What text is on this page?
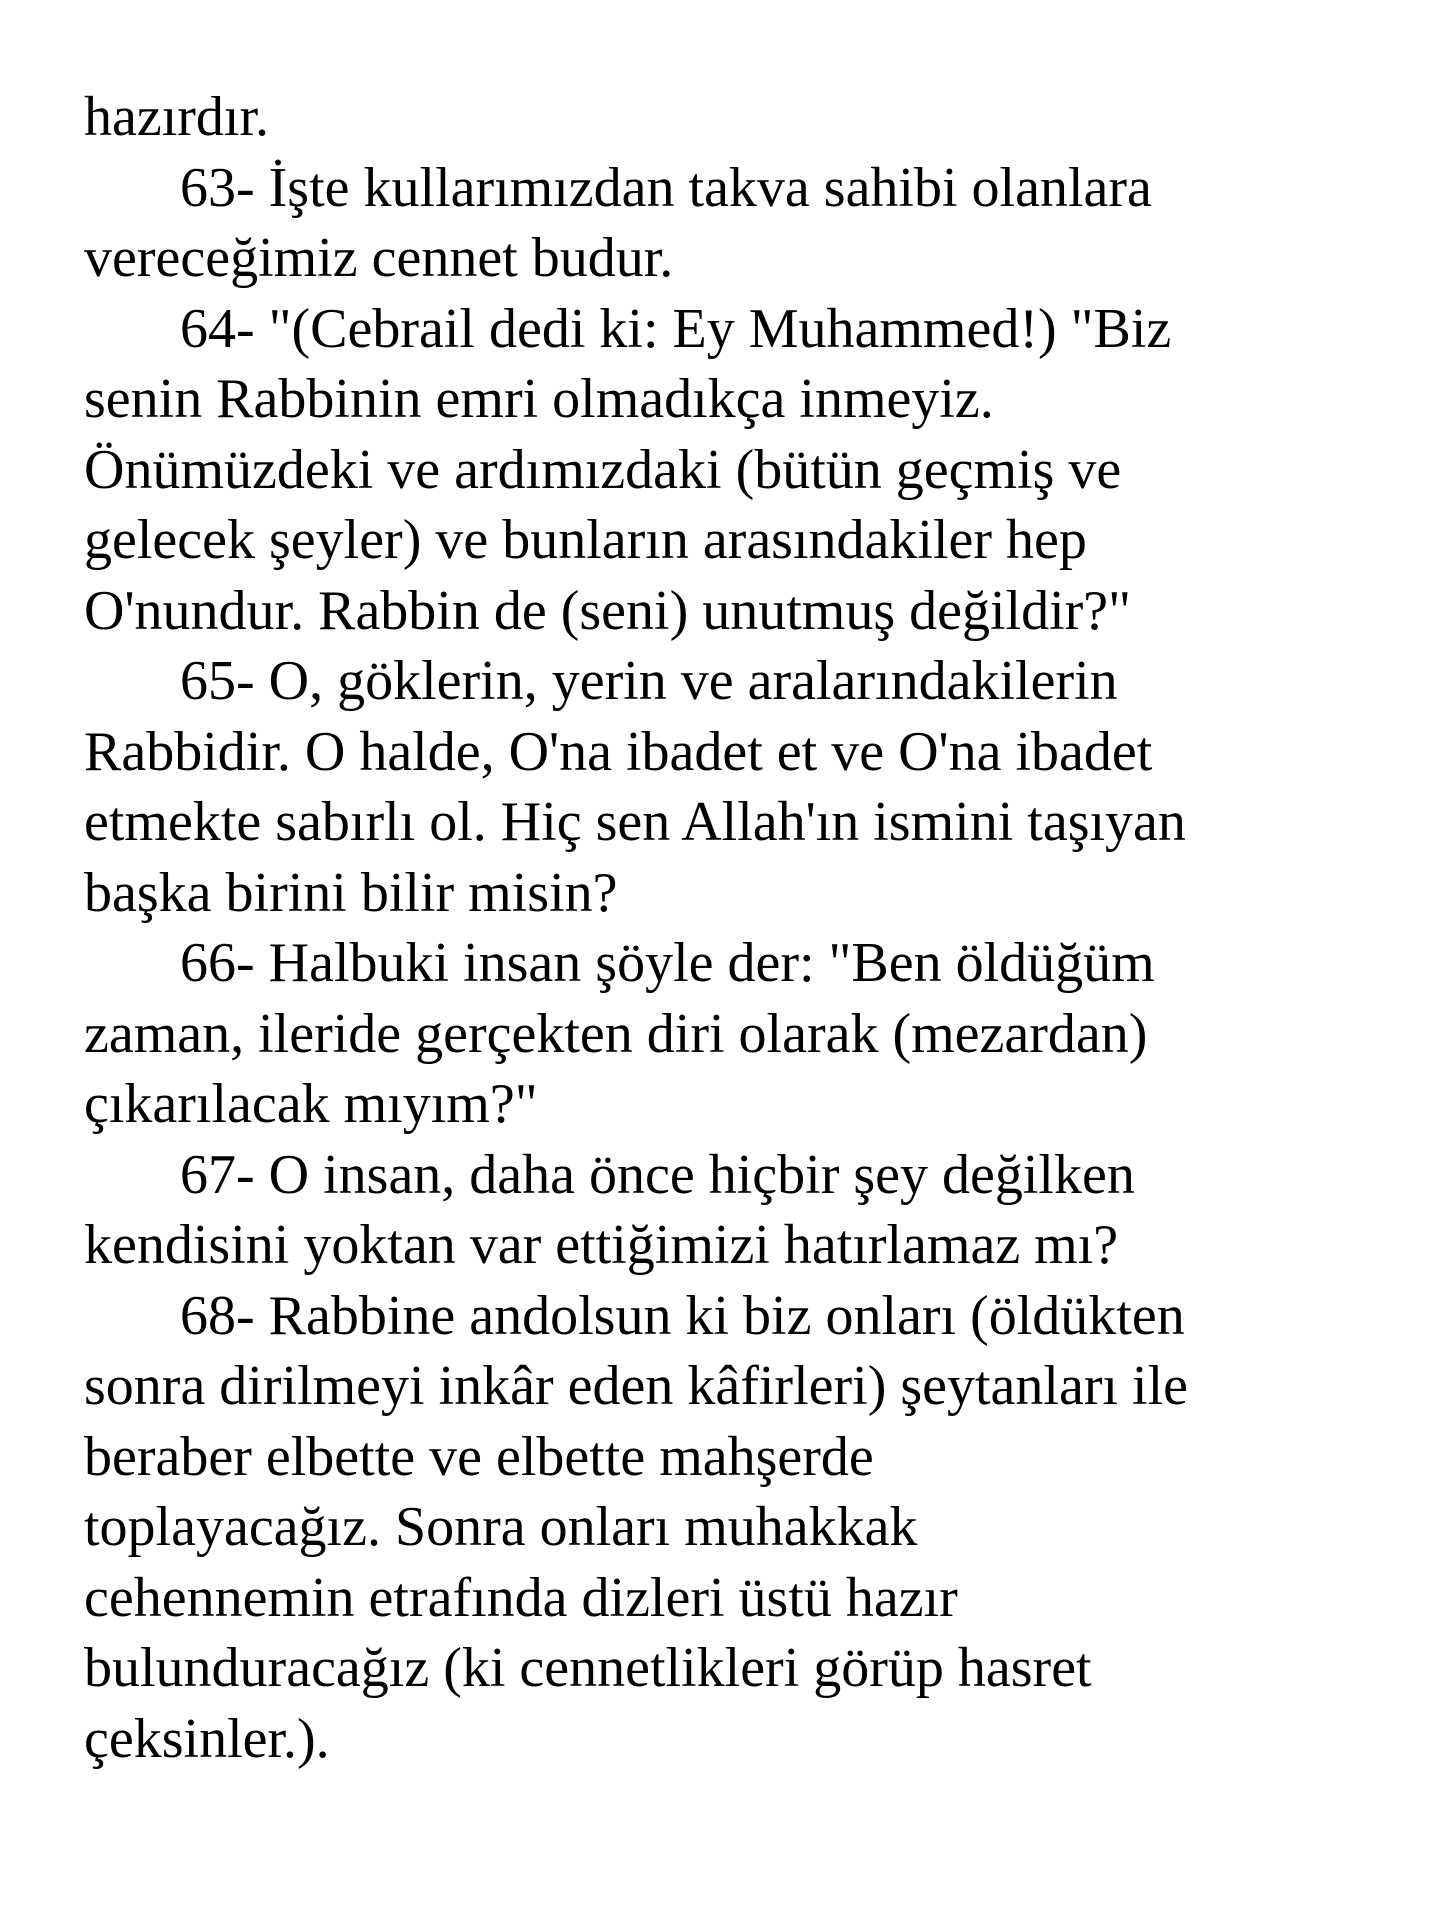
hazırdır.

63- İşte kullarımızdan takva sahibi olanlara
vereceğimiz cennet budur.

64- "(Cebrail dedi ki: Ey Muhammed!) "Biz
senin Rabbinin emri olmadıkça inmeyiz.
Önümüzdeki ve ardımızdaki (bütün geçmiş ve
gelecek şeyler) ve bunların arasındakiler hep
O'nundur. Rabbin de (seni) unutmuş değildir?"

65- O, göklerin, yerin ve aralarındakilerin
Rabbidir. O halde, O'na ibadet et ve O'na ibadet
etmekte sabırlı ol. Hiç sen Allah'ın ismini taşıyan
başka birini bilir misin?

66- Halbuki insan şöyle der: "Ben öldüğüm
zaman, ileride gerçekten diri olarak (mezardan)
çıkarılacak mıyım?"

67- O insan, daha önce hiçbir şey değilken
kendisini yoktan var ettiğimizi hatırlamaz mı?

68- Rabbine andolsun ki biz onları (öldükten
sonra dirilmeyi inkâr eden kâfirleri) şeytanları ile
beraber elbette ve elbette mahşerde
toplayacağız. Sonra onları muhakkak
cehennemin etrafında dizleri üstü hazır
bulunduracağız (ki cennetlikleri görüp hasret
çeksinler.).
